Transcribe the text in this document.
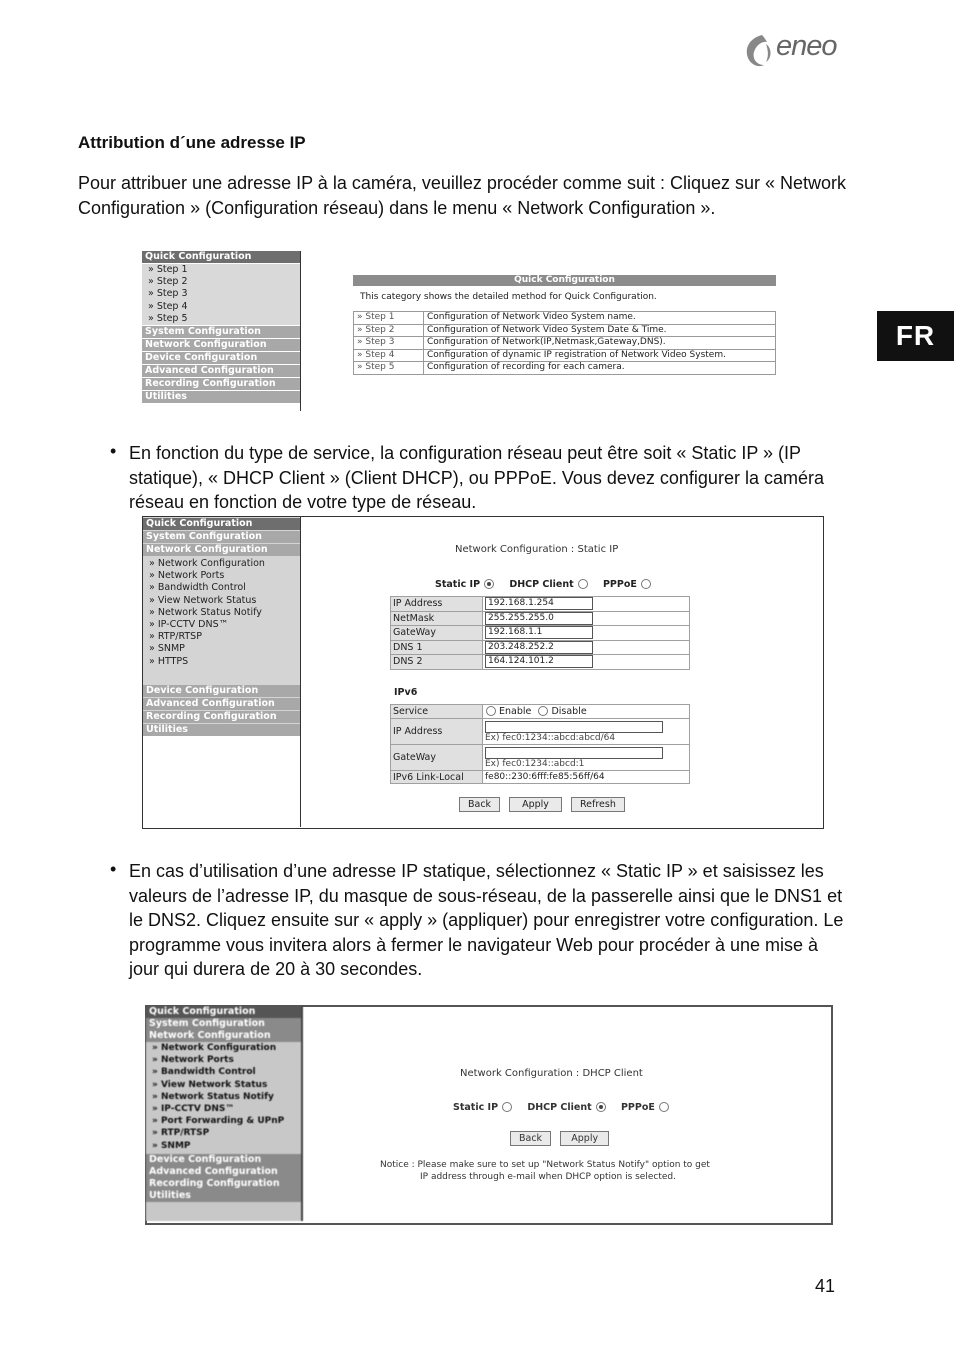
eneo
FR
Attribution d´une adresse IP
Pour attribuer une adresse IP à la caméra, veuillez procéder comme suit : Cliquez sur « Network Configuration » (Configuration réseau) dans le menu « Network Configuration ».
Quick Configuration
» Step 1
» Step 2
» Step 3
» Step 4
» Step 5
System Configuration
Network Configuration
Device Configuration
Advanced Configuration
Recording Configuration
Utilities
Quick Configuration
This category shows the detailed method for Quick Configuration.
» Step 1	Configuration of Network Video System name.
» Step 2	Configuration of Network Video System Date & Time.
» Step 3	Configuration of Network(IP,Netmask,Gateway,DNS).
» Step 4	Configuration of dynamic IP registration of Network Video System.
» Step 5	Configuration of recording for each camera.
• En fonction du type de service, la configuration réseau peut être soit « Static IP » (IP statique), « DHCP Client » (Client DHCP), ou PPPoE. Vous devez configurer la caméra réseau en fonction de votre type de réseau.
Quick Configuration
System Configuration
Network Configuration
» Network Configuration
» Network Ports
» Bandwidth Control
» View Network Status
» Network Status Notify
» IP-CCTV DNS™
» RTP/RTSP
» SNMP
» HTTPS
Device Configuration
Advanced Configuration
Recording Configuration
Utilities
Network Configuration : Static IP
Static IP	DHCP Client	PPPoE
IP Address	192.168.1.254

NetMask	255.255.255.0

GateWay	192.168.1.1

DNS 1	203.248.252.2

DNS 2	164.124.101.2
IPv6
Service	Enable Disable
IP Address	Ex) fec0:1234::abcd:abcd/64

GateWay	Ex) fec0:1234::abcd:1

IPv6 Link-Local	fe80::230:6fff:fe85:56ff/64
Back	Apply	Refresh
• En cas d’utilisation d’une adresse IP statique, sélectionnez « Static IP » et saisissez les valeurs de l’adresse IP, du masque de sous-réseau, de la passerelle ainsi que le DNS1 et le DNS2. Cliquez ensuite sur « apply » (appliquer) pour enregistrer votre configuration. Le programme vous invitera alors à fermer le navigateur Web pour procéder à une mise à jour qui durera de 20 à 30 secondes.
Quick Configuration
System Configuration
Network Configuration
» Network Configuration
» Network Ports
» Bandwidth Control
» View Network Status
» Network Status Notify
» IP-CCTV DNS™
» Port Forwarding & UPnP
» RTP/RTSP
» SNMP
Device Configuration
Advanced Configuration
Recording Configuration
Utilities
Network Configuration : DHCP Client
Static IP	DHCP Client	PPPoE
Back	Apply
Notice : Please make sure to set up "Network Status Notify" option to get
IP address through e-mail when DHCP option is selected.
41
